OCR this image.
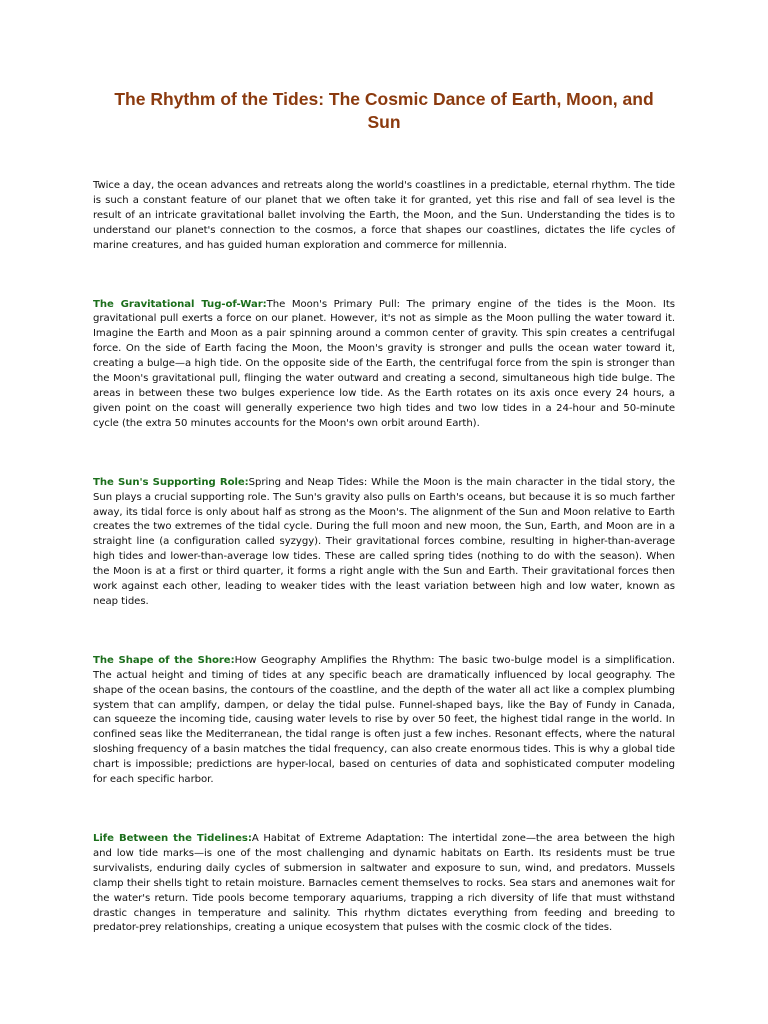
The Rhythm of the Tides: The Cosmic Dance of Earth, Moon, and Sun

Twice a day, the ocean advances and retreats along the world's coastlines in a predictable, eternal rhythm. The tide is such a constant feature of our planet that we often take it for granted, yet this rise and fall of sea level is the result of an intricate gravitational ballet involving the Earth, the Moon, and the Sun. Understanding the tides is to understand our planet's connection to the cosmos, a force that shapes our coastlines, dictates the life cycles of marine creatures, and has guided human exploration and commerce for millennia.

The Gravitational Tug-of-War:The Moon's Primary Pull: The primary engine of the tides is the Moon. Its gravitational pull exerts a force on our planet. However, it's not as simple as the Moon pulling the water toward it. Imagine the Earth and Moon as a pair spinning around a common center of gravity. This spin creates a centrifugal force. On the side of Earth facing the Moon, the Moon's gravity is stronger and pulls the ocean water toward it, creating a bulge—a high tide. On the opposite side of the Earth, the centrifugal force from the spin is stronger than the Moon's gravitational pull, flinging the water outward and creating a second, simultaneous high tide bulge. The areas in between these two bulges experience low tide. As the Earth rotates on its axis once every 24 hours, a given point on the coast will generally experience two high tides and two low tides in a 24-hour and 50-minute cycle (the extra 50 minutes accounts for the Moon's own orbit around Earth).

The Sun's Supporting Role:Spring and Neap Tides: While the Moon is the main character in the tidal story, the Sun plays a crucial supporting role. The Sun's gravity also pulls on Earth's oceans, but because it is so much farther away, its tidal force is only about half as strong as the Moon's. The alignment of the Sun and Moon relative to Earth creates the two extremes of the tidal cycle. During the full moon and new moon, the Sun, Earth, and Moon are in a straight line (a configuration called syzygy). Their gravitational forces combine, resulting in higher-than-average high tides and lower-than-average low tides. These are called spring tides (nothing to do with the season). When the Moon is at a first or third quarter, it forms a right angle with the Sun and Earth. Their gravitational forces then work against each other, leading to weaker tides with the least variation between high and low water, known as neap tides.

The Shape of the Shore:How Geography Amplifies the Rhythm: The basic two-bulge model is a simplification. The actual height and timing of tides at any specific beach are dramatically influenced by local geography. The shape of the ocean basins, the contours of the coastline, and the depth of the water all act like a complex plumbing system that can amplify, dampen, or delay the tidal pulse. Funnel-shaped bays, like the Bay of Fundy in Canada, can squeeze the incoming tide, causing water levels to rise by over 50 feet, the highest tidal range in the world. In confined seas like the Mediterranean, the tidal range is often just a few inches. Resonant effects, where the natural sloshing frequency of a basin matches the tidal frequency, can also create enormous tides. This is why a global tide chart is impossible; predictions are hyper-local, based on centuries of data and sophisticated computer modeling for each specific harbor.

Life Between the Tidelines:A Habitat of Extreme Adaptation: The intertidal zone—the area between the high and low tide marks—is one of the most challenging and dynamic habitats on Earth. Its residents must be true survivalists, enduring daily cycles of submersion in saltwater and exposure to sun, wind, and predators. Mussels clamp their shells tight to retain moisture. Barnacles cement themselves to rocks. Sea stars and anemones wait for the water's return. Tide pools become temporary aquariums, trapping a rich diversity of life that must withstand drastic changes in temperature and salinity. This rhythm dictates everything from feeding and breeding to predator-prey relationships, creating a unique ecosystem that pulses with the cosmic clock of the tides.
